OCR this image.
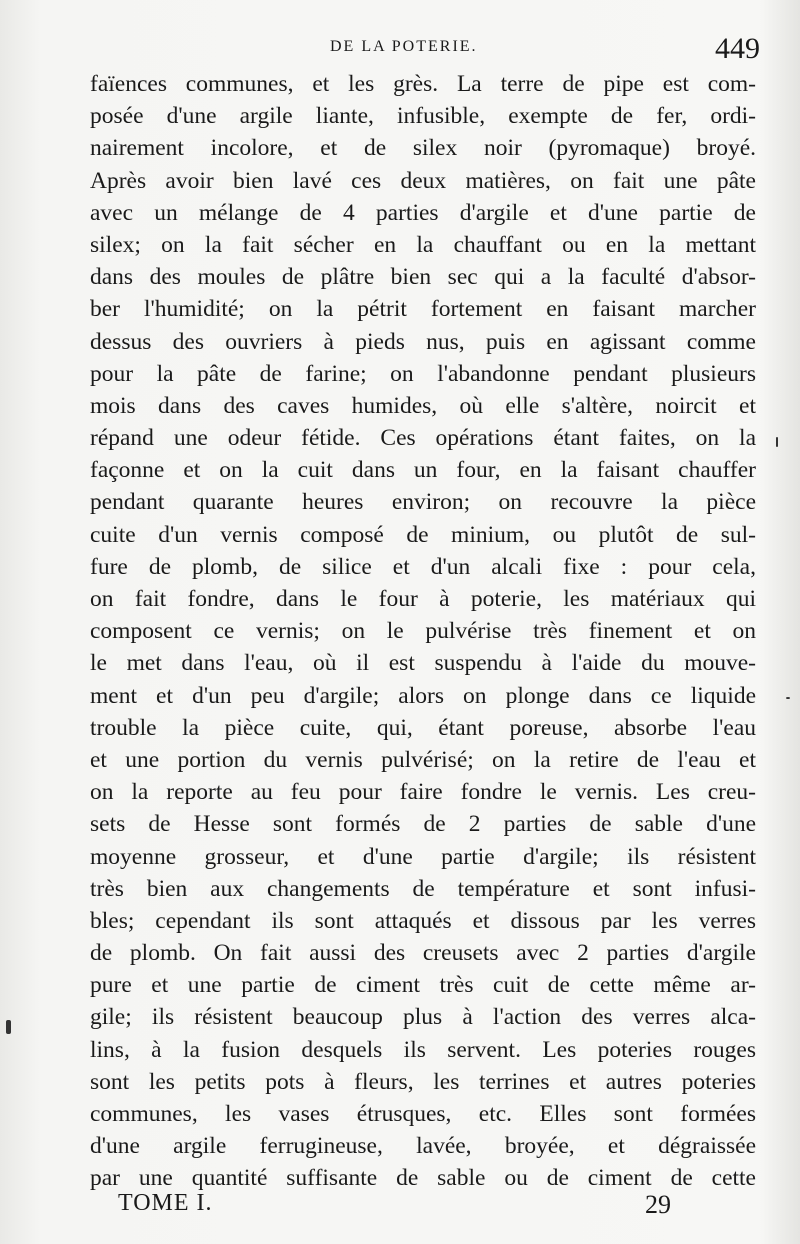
DE LA POTERIE.	449
faïences communes, et les grès. La terre de pipe est com-
posée d'une argile liante, infusible, exempte de fer, ordi-
nairement incolore, et de silex noir (pyromaque) broyé.
Après avoir bien lavé ces deux matières, on fait une pâte
avec un mélange de 4 parties d'argile et d'une partie de
silex; on la fait sécher en la chauffant ou en la mettant
dans des moules de plâtre bien sec qui a la faculté d'absor-
ber l'humidité; on la pétrit fortement en faisant marcher
dessus des ouvriers à pieds nus, puis en agissant comme
pour la pâte de farine; on l'abandonne pendant plusieurs
mois dans des caves humides, où elle s'altère, noircit et
répand une odeur fétide. Ces opérations étant faites, on la
façonne et on la cuit dans un four, en la faisant chauffer
pendant quarante heures environ; on recouvre la pièce
cuite d'un vernis composé de minium, ou plutôt de sul-
fure de plomb, de silice et d'un alcali fixe : pour cela,
on fait fondre, dans le four à poterie, les matériaux qui
composent ce vernis; on le pulvérise très finement et on
le met dans l'eau, où il est suspendu à l'aide du mouve-
ment et d'un peu d'argile; alors on plonge dans ce liquide
trouble la pièce cuite, qui, étant poreuse, absorbe l'eau
et une portion du vernis pulvérisé; on la retire de l'eau et
on la reporte au feu pour faire fondre le vernis. Les creu-
sets de Hesse sont formés de 2 parties de sable d'une
moyenne grosseur, et d'une partie d'argile; ils résistent
très bien aux changements de température et sont infusi-
bles; cependant ils sont attaqués et dissous par les verres
de plomb. On fait aussi des creusets avec 2 parties d'argile
pure et une partie de ciment très cuit de cette même ar-
gile; ils résistent beaucoup plus à l'action des verres alca-
lins, à la fusion desquels ils servent. Les poteries rouges
sont les petits pots à fleurs, les terrines et autres poteries
communes, les vases étrusques, etc. Elles sont formées
d'une argile ferrugineuse, lavée, broyée, et dégraissée
par une quantité suffisante de sable ou de ciment de cette
TOME I.	29
